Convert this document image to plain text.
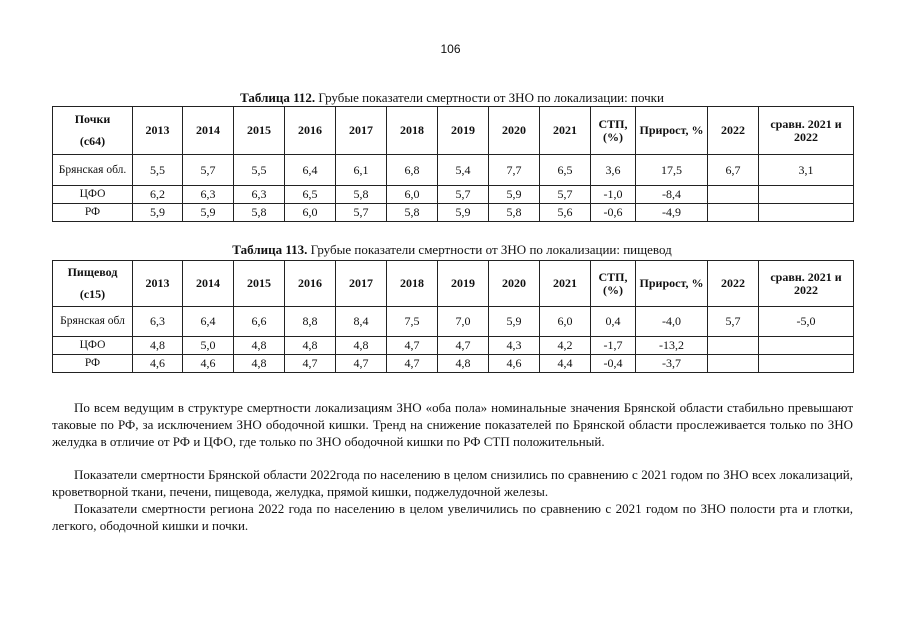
106
Таблица 112. Грубые показатели смертности от ЗНО по локализации: почки
Почки
(с64)	2013	2014	2015	2016	2017	2018	2019	2020	2021	СТП, (%)	Прирост, %	2022	сравн. 2021 и 2022
Брянская обл.	5,5	5,7	5,5	6,4	6,1	6,8	5,4	7,7	6,5	3,6	17,5	6,7	3,1
ЦФО	6,2	6,3	6,3	6,5	5,8	6,0	5,7	5,9	5,7	-1,0	-8,4		
РФ	5,9	5,9	5,8	6,0	5,7	5,8	5,9	5,8	5,6	-0,6	-4,9		
Таблица 113. Грубые показатели смертности от ЗНО по локализации: пищевод
Пищевод
(с15)	2013	2014	2015	2016	2017	2018	2019	2020	2021	СТП, (%)	Прирост, %	2022	сравн. 2021 и 2022
Брянская обл	6,3	6,4	6,6	8,8	8,4	7,5	7,0	5,9	6,0	0,4	-4,0	5,7	-5,0
ЦФО	4,8	5,0	4,8	4,8	4,8	4,7	4,7	4,3	4,2	-1,7	-13,2		
РФ	4,6	4,6	4,8	4,7	4,7	4,7	4,8	4,6	4,4	-0,4	-3,7		

По всем ведущим в структуре смертности локализациям ЗНО «оба пола» номинальные значения Брянской области стабильно превышают таковые по РФ, за исключением ЗНО ободочной кишки. Тренд на снижение показателей по Брянской области прослеживается только по ЗНО желудка в отличие от РФ и ЦФО, где только по ЗНО ободочной кишки по РФ СТП положительный.

Показатели смертности Брянской области 2022года по населению в целом снизились по сравнению с 2021 годом по ЗНО всех локализаций, кроветворной ткани, печени, пищевода, желудка, прямой кишки, поджелудочной железы.

Показатели смертности региона 2022 года по населению в целом увеличились по сравнению с 2021 годом по ЗНО полости рта и глотки, легкого, ободочной кишки и почки.
